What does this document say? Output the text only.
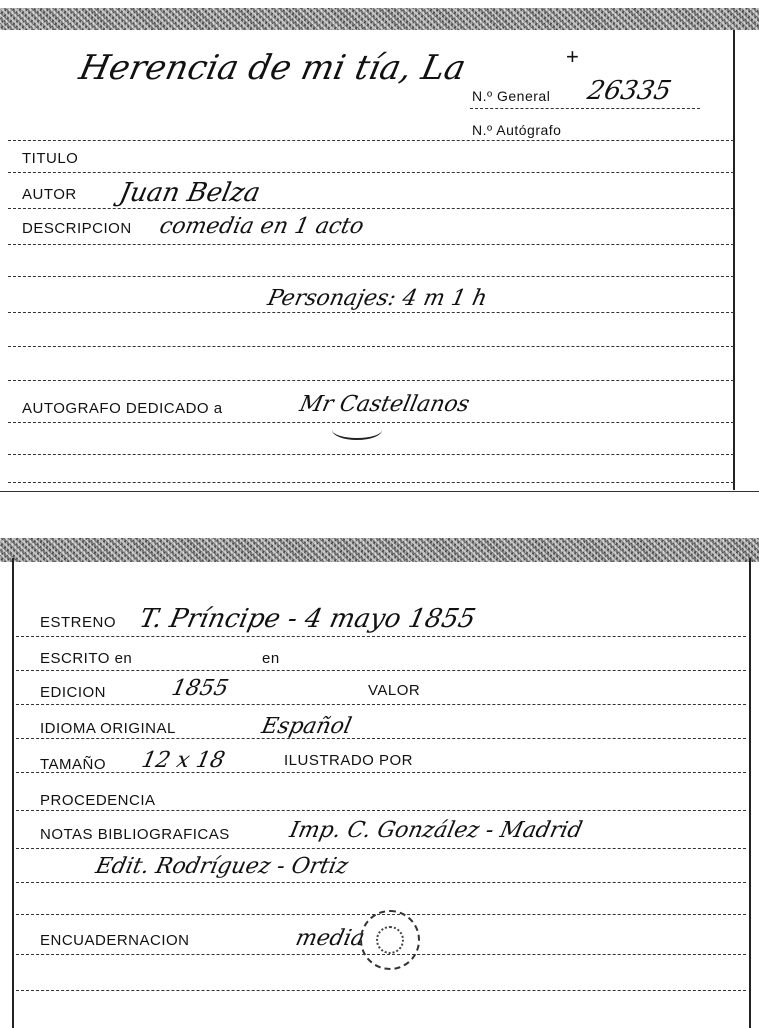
Herencia de mi tía, La	+
N.º General 26335
N.º Autógrafo
TITULO
AUTOR Juan Belza
DESCRIPCION comedia en 1 acto
Personajes: 4 m 1 h
AUTOGRAFO DEDICADO a	Mr Castellanos
ESTRENO T. Príncipe - 4 mayo 1855
ESCRITO en	en
EDICION	1855	VALOR
IDIOMA ORIGINAL	Español
TAMAÑO 12 x 18	ILUSTRADO POR
PROCEDENCIA
NOTAS BIBLIOGRAFICAS	Imp. C. González - Madrid
Edit. Rodríguez - Ortiz
ENCUADERNACION	media
